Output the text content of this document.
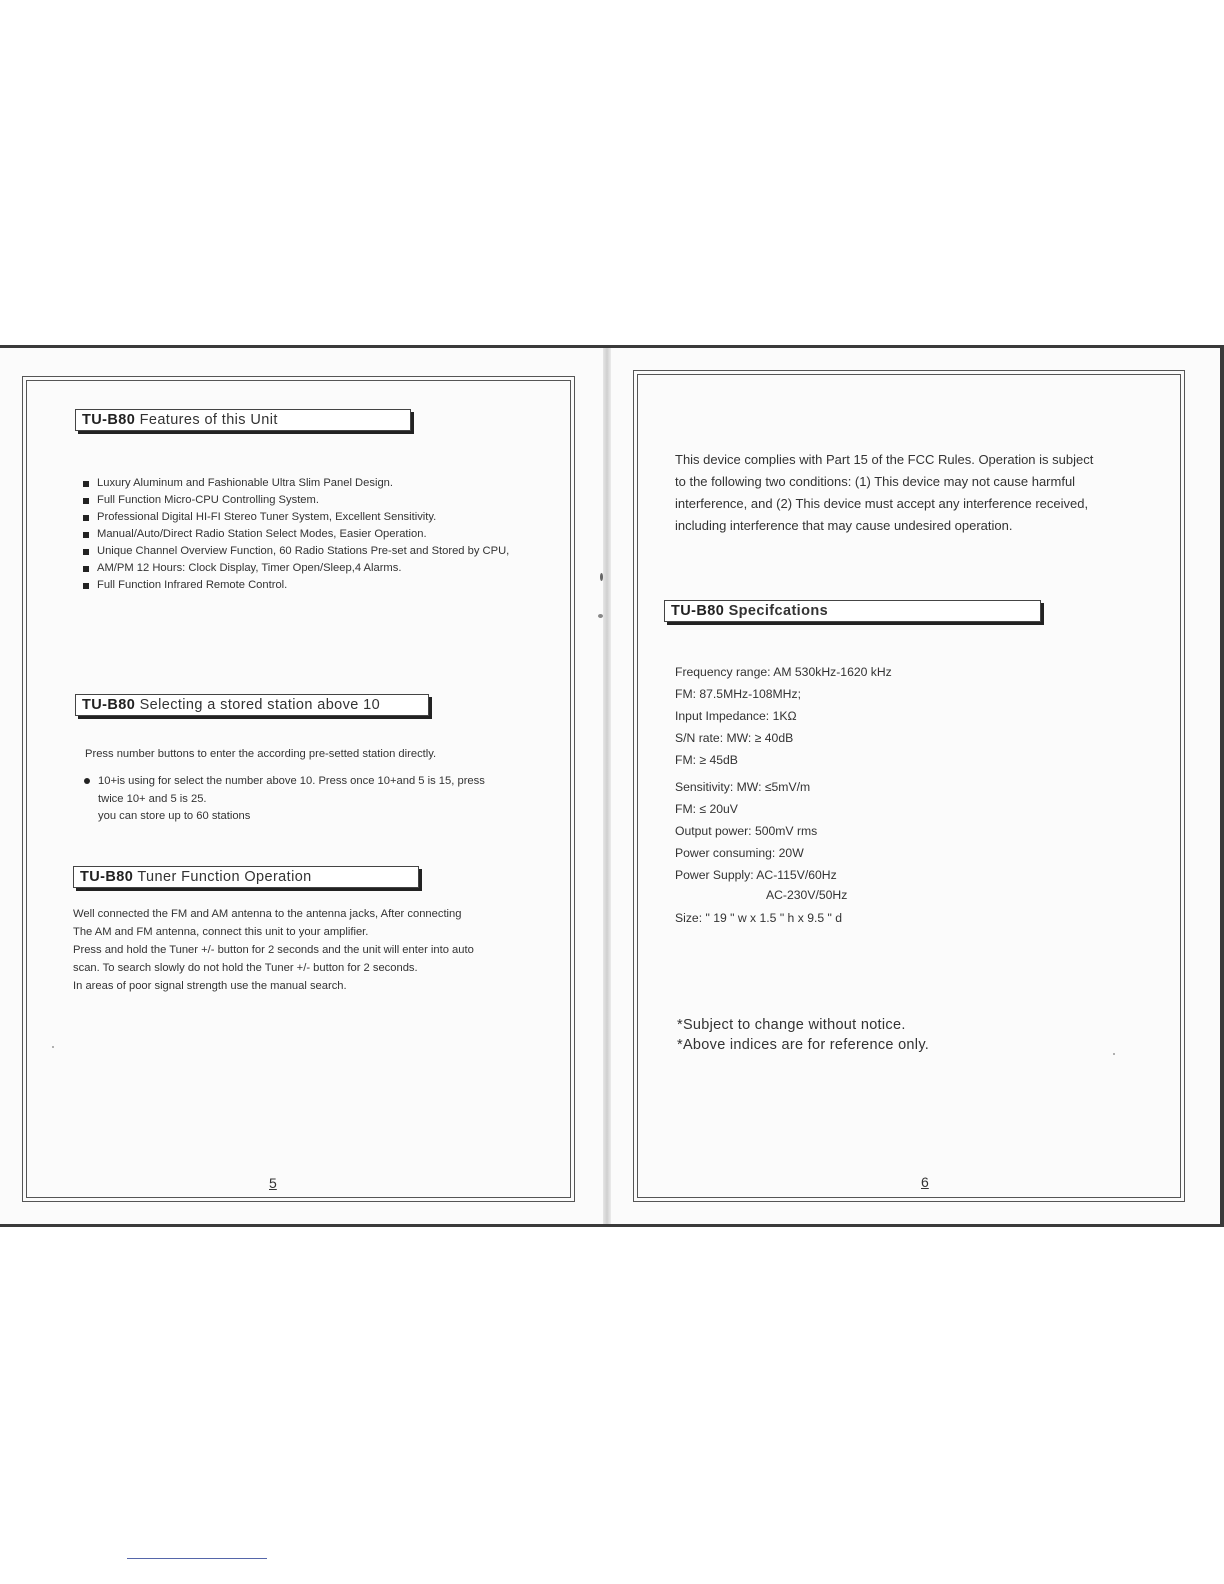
TU-B80 Features of this Unit
Luxury Aluminum and Fashionable Ultra Slim Panel Design.
Full Function Micro-CPU Controlling System.
Professional Digital HI-FI Stereo Tuner System, Excellent Sensitivity.
Manual/Auto/Direct Radio Station Select Modes, Easier Operation.
Unique Channel Overview Function, 60 Radio Stations Pre-set and Stored by CPU,
AM/PM 12 Hours: Clock Display, Timer Open/Sleep,4 Alarms.
Full Function Infrared Remote Control.
TU-B80 Selecting a stored station above 10
Press number buttons to enter the according pre-setted station directly.
10+is using for select the number above 10. Press once 10+and 5 is 15, press
twice 10+ and 5 is 25.
you can store up to 60 stations
TU-B80 Tuner Function Operation
Well connected the FM and AM antenna to the antenna jacks, After connecting
The AM and FM antenna, connect this unit to your amplifier.
Press and hold the Tuner +/- button for 2 seconds and the unit will enter into auto
scan. To search slowly do not hold the Tuner +/- button for 2 seconds.
In areas of poor signal strength use the manual search.
5
This device complies with Part 15 of the FCC Rules. Operation is subject
to the following two conditions: (1) This device may not cause harmful
interference, and (2) This device must accept any interference received,
including interference that may cause undesired operation.
TU-B80 Specifcations
Frequency range: AM 530kHz-1620 kHz
FM: 87.5MHz-108MHz;
Input Impedance: 1KΩ
S/N rate: MW: ≥ 40dB
FM: ≥ 45dB
Sensitivity: MW: ≤5mV/m
FM: ≤ 20uV
Output power: 500mV rms
Power consuming: 20W
Power Supply: AC-115V/60Hz
AC-230V/50Hz
Size: " 19 " w x 1.5 " h x 9.5 " d
*Subject to change without notice.
*Above indices are for reference only.
6
